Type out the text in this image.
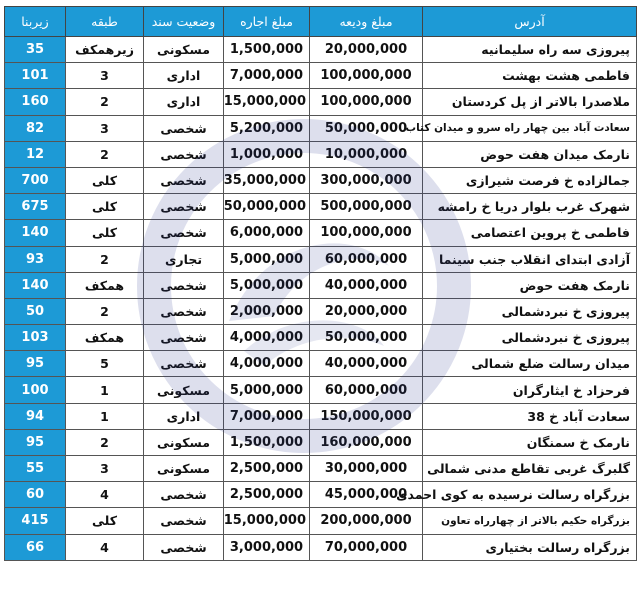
آدرس	مبلغ ودیعه	مبلغ اجاره	وضعیت سند	طبقه	زیربنا
پیروزی سه راه سلیمانیه	20,000,000	1,500,000	مسکونی	زیرهمکف	35
فاطمی هشت بهشت	100,000,000	7,000,000	اداری	3	101
ملاصدرا بالاتر از پل کردستان	100,000,000	15,000,000	اداری	2	160
سعادت آباد بین چهار راه سرو و میدان کتاب	50,000,000	5,200,000	شخصی	3	82
نارمک میدان هفت حوض	10,000,000	1,000,000	شخصی	2	12
جمالزاده خ فرصت شیرازی	300,000,000	35,000,000	شخصی	کلی	700
شهرک غرب بلوار دریا خ رامشه	500,000,000	50,000,000	شخصی	کلی	675
فاطمی خ پروین اعتصامی	100,000,000	6,000,000	شخصی	کلی	140
آزادی ابتدای انقلاب جنب سینما	60,000,000	5,000,000	تجاری	2	93
نارمک هفت حوض	40,000,000	5,000,000	شخصی	همکف	140
پیروزی خ نبردشمالی	20,000,000	2,000,000	شخصی	2	50
پیروزی خ نبردشمالی	50,000,000	4,000,000	شخصی	همکف	103
میدان رسالت ضلع شمالی	40,000,000	4,000,000	شخصی	5	95
فرحزاد خ ایثارگران	60,000,000	5,000,000	مسکونی	1	100
سعادت آباد خ 38	150,000,000	7,000,000	اداری	1	94
نارمک خ سمنگان	160,000,000	1,500,000	مسکونی	2	95
گلبرگ غربی تقاطع مدنی شمالی	30,000,000	2,500,000	مسکونی	3	55
بزرگراه رسالت نرسیده به کوی احمدی	45,000,000	2,500,000	شخصی	4	60
بزرگراه حکیم بالاتر از چهارراه تعاون	200,000,000	15,000,000	شخصی	کلی	415
بزرگراه رسالت بختیاری	70,000,000	3,000,000	شخصی	4	66
